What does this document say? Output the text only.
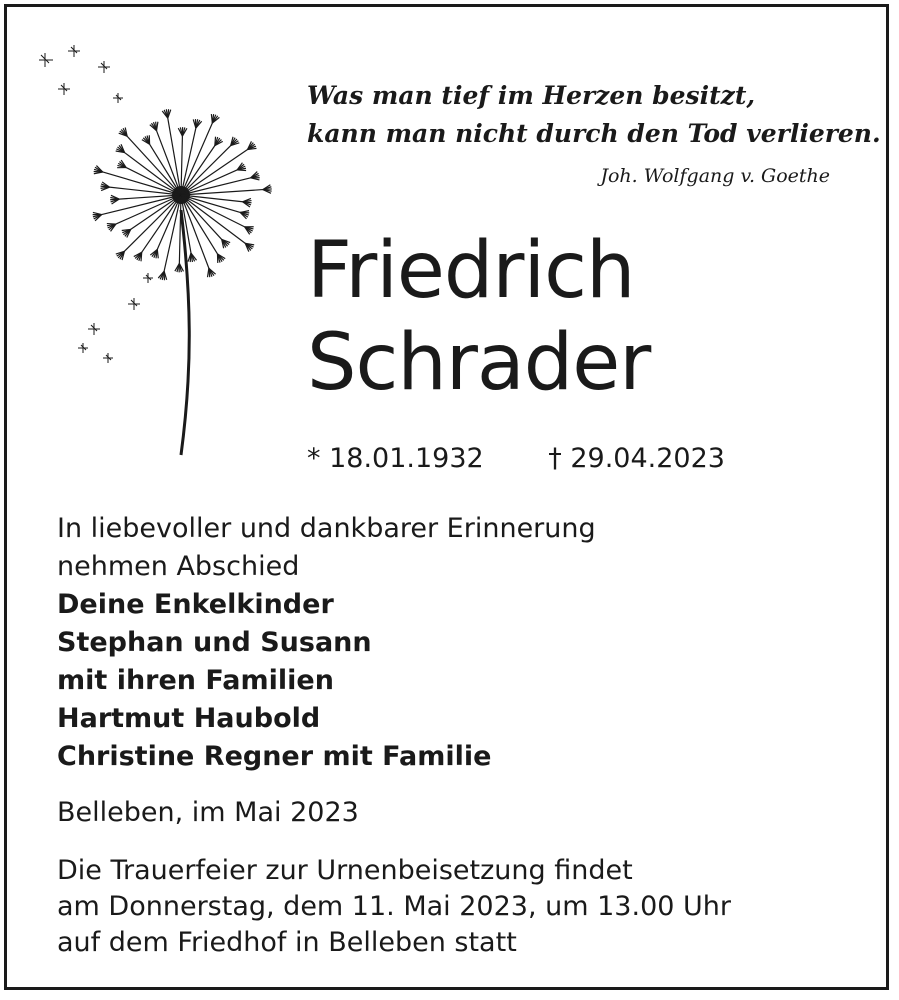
Was man tief im Herzen besitzt,
kann man nicht durch den Tod verlieren.
Joh. Wolfgang v. Goethe
Friedrich
Schrader
* 18.01.1932 † 29.04.2023
In liebevoller und dankbarer Erinnerung
nehmen Abschied
Deine Enkelkinder
Stephan und Susann
mit ihren Familien
Hartmut Haubold
Christine Regner mit Familie
Belleben, im Mai 2023
Die Trauerfeier zur Urnenbeisetzung findet
am Donnerstag, dem 11. Mai 2023, um 13.00 Uhr
auf dem Friedhof in Belleben statt
